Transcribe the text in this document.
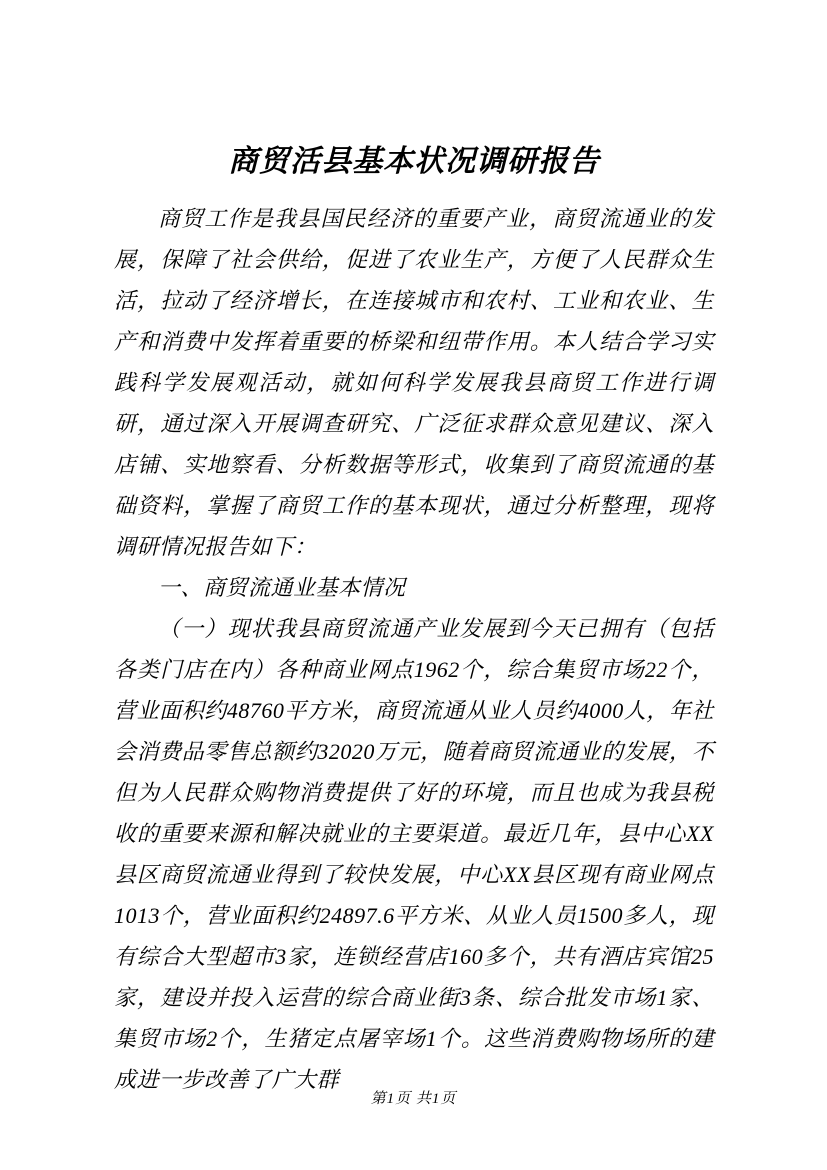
商贸活县基本状况调研报告

商贸工作是我县国民经济的重要产业，商贸流通业的发展，保障了社会供给，促进了农业生产，方便了人民群众生活，拉动了经济增长，在连接城市和农村、工业和农业、生产和消费中发挥着重要的桥梁和纽带作用。本人结合学习实践科学发展观活动，就如何科学发展我县商贸工作进行调研，通过深入开展调查研究、广泛征求群众意见建议、深入店铺、实地察看、分析数据等形式，收集到了商贸流通的基础资料，掌握了商贸工作的基本现状，通过分析整理，现将调研情况报告如下：

一、商贸流通业基本情况

（一）现状我县商贸流通产业发展到今天已拥有（包括各类门店在内）各种商业网点1962个，综合集贸市场22个，营业面积约48760平方米，商贸流通从业人员约4000人，年社会消费品零售总额约32020万元，随着商贸流通业的发展，不但为人民群众购物消费提供了好的环境，而且也成为我县税收的重要来源和解决就业的主要渠道。最近几年，县中心XX县区商贸流通业得到了较快发展，中心XX县区现有商业网点1013个，营业面积约24897.6平方米、从业人员1500多人，现有综合大型超市3家，连锁经营店160多个，共有酒店宾馆25家，建设并投入运营的综合商业街3条、综合批发市场1家、集贸市场2个，生猪定点屠宰场1个。这些消费购物场所的建成进一步改善了广大群

第1页 共1页
